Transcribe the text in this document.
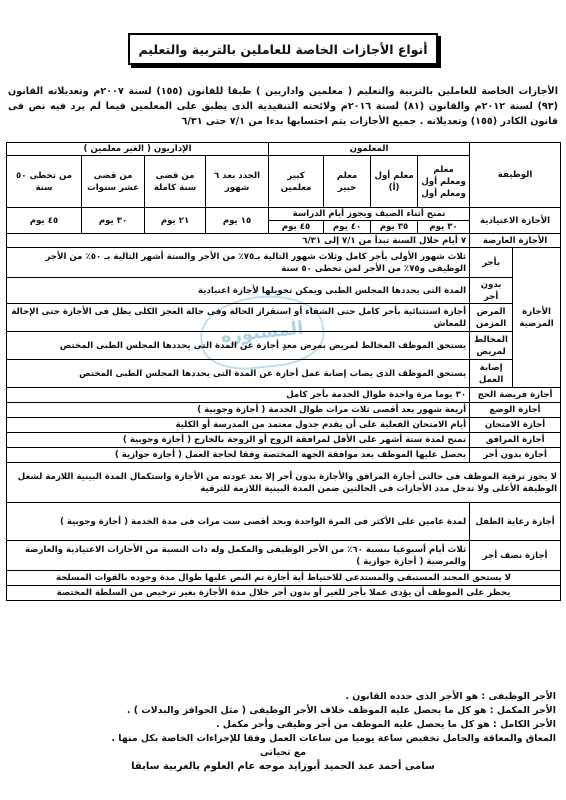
أنواع الأجازات الخاصة للعاملين بالتربية والتعليم
الأجازات الخاصة للعاملين بالتربية والتعليم ( معلمين واداريين ) طبقا للقانون (١٥٥) لسنة ٢٠٠٧م وتعديلاته القانون (٩٣) لسنة ٢٠١٢م والقانون (٨١) لسنة ٢٠١٦م ولائحته التنفيذية الذى يطبق على المعلمين فيما لم يرد فيه نص فى قانون الكادر (١٥٥) وتعديلاته . جميع الأجازات يتم احتسابها بدءا من ٧/١ حتى ٦/٣١
المسبوره
الوظيفة		المعلمون				الإداريون ( الغير معلمين )			
		معلم ومعلم أول ومعلم أول	معلم أول (أ)	معلم خبير	كبير معلمين	الجدد بعد ٦ شهور	من قضى سنة كاملة	من قضى عشر سنوات	من تخطى ٥٠ سنة
الأجازة الاعتيادية		تمنح أثناء الصيف ويجوز أيام الدراسة				١٥ يوم	٢١ يوم	٣٠ يوم	٤٥ يوم
		٣٠ يوم	٣٥ يوم	٤٠ يوم	٤٥ يوم				
الأجازة العارضة		٧ أيام خلال السنة تبدأ من ٧/١ إلى ٦/٣١							
الأجازة المرضية	بأجر	ثلاث شهور الأولى بأجر كامل وثلاث شهور التالية بـ٧٥٪ من الأجر والستة أشهر التالية بـ ٥٠٪ من الأجر الوظيفى و٧٥٪ من الأجر لمن تخطى ٥٠ سنة							
	بدون أجر	المدة التى يحددها المجلس الطبى ويمكن تحويلها لأجازة اعتيادية							
	المرض المزمن	أجازة استثنائية بأجر كامل حتى الشفاء أو استقرار الحالة وفى حالة العجز الكلى يظل فى الأجازة حتى الإحالة للمعاش							
	المخالط لمريض	يستحق الموظف المخالط لمريض بمرض معدٍ أجازة عن المدة التى يحددها المجلس الطبى المختص							
	إصابة العمل	يستحق الموظف الذى يصاب إصابة عمل أجازة عن المدة التى يحددها المجلس الطبى المختص							
أجازة فريضة الحج		٣٠ يوما مرة واحدة طوال الخدمة بأجر كامل							
أجازة الوضع		أربعة شهور بعد أقصى ثلاث مرات طوال الخدمة ( أجازة وجوبية )							
أجازة الامتحان		أيام الامتحان الفعلية على أن يقدم جدول معتمد من المدرسة أو الكلية							
أجازة المرافق		تمنح لمدة ستة أشهر على الأقل لمرافقة الزوج أو الزوجة بالخارج ( أجازة وجوبية )							
أجازة بدون أجر		يحصل عليها الموظف بعد موافقة الجهة المختصة وفقا لحاجة العمل ( أجازة جوازية )							
لا يجوز ترقية الموظف فى حالتى أجازة المرافق والأجازة بدون أجر إلا بعد عودته من الأجازة واستكمال المدة البينية اللازمة لشغل الوظيفة الأعلى ولا تدخل مدد الأجازات فى الحالتين ضمن المدة البينية اللازمة للترقية									
أجازة رعاية الطفل		لمدة عامين على الأكثر فى المرة الواحدة وبحد أقصى ست مرات فى مدة الخدمة ( أجازة وجوبية )							
أجازة نصف أجر		ثلاث أيام أسبوعيا بنسبة ٦٠٪ من الأجر الوظيفى والمكمل وله ذات النسبة من الأجازات الاعتيادية والعارضة والمرضية ( أجازة جوازية )							
لا يستحق المجند المستبقى والمستدعى للاحتياط أية أجازة تم النص عليها طوال مدة وجوده بالقوات المسلحة									
يحظر على الموظف أن يؤدى عملا بأجر للغير أو بدون أجر خلال مدة الأجازة بغير ترخيص من السلطة المختصة									

الأجر الوظيفى : هو الأجر الذى حدده القانون .

الأجر المكمل : هو كل ما يحصل عليه الموظف خلاف الأجر الوظيفى ( مثل الحوافز والبدلات ) .

الأجر الكامل : هو كل ما يحصل عليه الموظف من أجر وظيفى وأجر مكمل .

المعاق والمعاقة والحامل تخفيض ساعة يوميا من ساعات العمل وفقا للإجراءات الخاصة بكل منها .

مع تحياتى

سامى أحمد عبد الحميد أبوزايد موجه عام العلوم بالغربية سابقا
